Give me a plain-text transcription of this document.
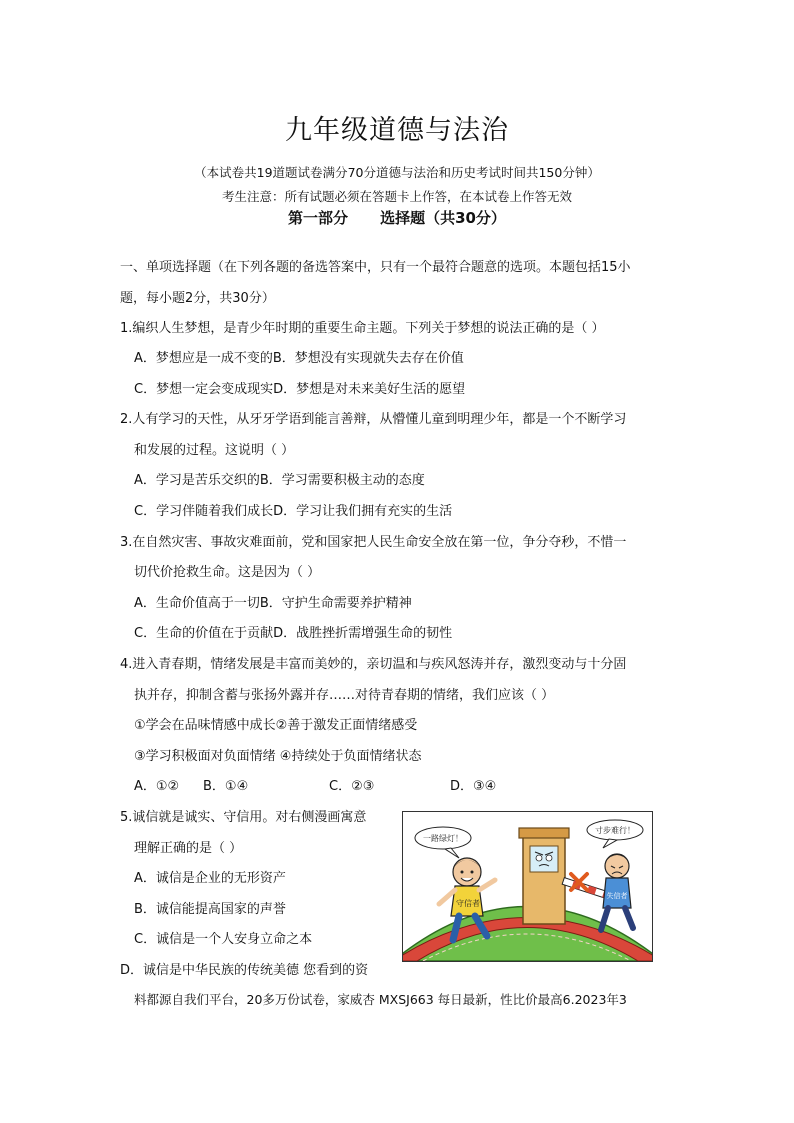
九年级道德与法治
（本试卷共19道题试卷满分70分道德与法治和历史考试时间共150分钟）
考生注意：所有试题必须在答题卡上作答，在本试卷上作答无效
第一部分 选择题（共30分）
一、单项选择题（在下列各题的备选答案中，只有一个最符合题意的选项。本题包括15小
题，每小题2分，共30分）
1.编织人生梦想，是青少年时期的重要生命主题。下列关于梦想的说法正确的是（ ）
A．梦想应是一成不变的B．梦想没有实现就失去存在价值
C．梦想一定会变成现实D．梦想是对未来美好生活的愿望
2.人有学习的天性，从牙牙学语到能言善辩，从懵懂儿童到明理少年，都是一个不断学习
和发展的过程。这说明（ ）
A．学习是苦乐交织的B．学习需要积极主动的态度
C．学习伴随着我们成长D．学习让我们拥有充实的生活
3.在自然灾害、事故灾难面前，党和国家把人民生命安全放在第一位，争分夺秒，不惜一
切代价抢救生命。这是因为（ ）
A．生命价值高于一切B．守护生命需要养护精神
C．生命的价值在于贡献D．战胜挫折需增强生命的韧性
4.进入青春期，情绪发展是丰富而美妙的，亲切温和与疾风怒涛并存，激烈变动与十分固
执并存，抑制含蓄与张扬外露并存……对待青春期的情绪，我们应该（ ）
①学会在品味情感中成长②善于激发正面情绪感受
③学习积极面对负面情绪 ④持续处于负面情绪状态
A．①② B．①④	C．②③	D．③④
5.诚信就是诚实、守信用。对右侧漫画寓意
理解正确的是（ ）
A．诚信是企业的无形资产
B．诚信能提高国家的声誉
C．诚信是一个人安身立命之本
D．诚信是中华民族的传统美德 您看到的资
守信者
一路绿灯！
失信者
寸步难行！
料都源自我们平台，20多万份试卷，家威杏 MXSJ663 每日最新，性比价最高6.2023年3
